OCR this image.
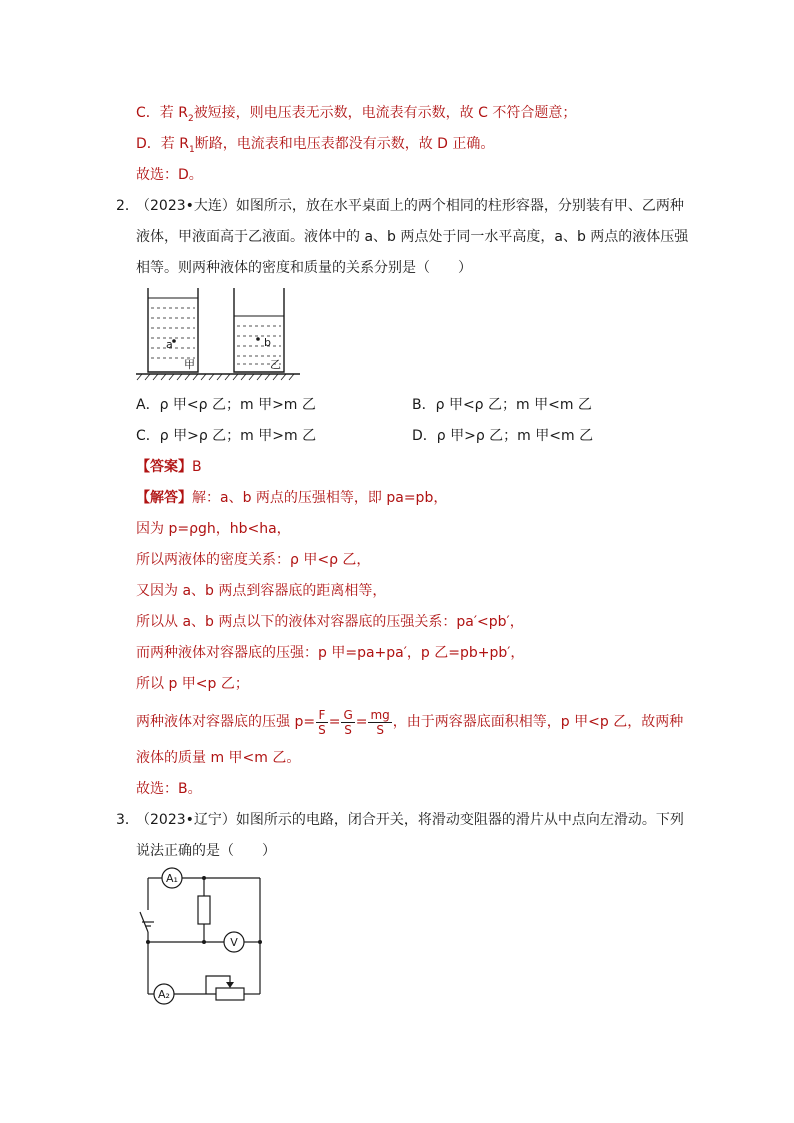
C．若 $R_2$被短接，则电压表无示数，电流表有示数，故 C 不符合题意；
D．若 $R_1$断路，电流表和电压表都没有示数，故 D 正确。
故选：D。
2．
（2023•大连）如图所示，放在水平桌面上的两个相同的柱形容器，分别装有甲、乙两种
液体，甲液面高于乙液面。液体中的 a、b 两点处于同一水平高度，a、b 两点的液体压强
相等。则两种液体的密度和质量的关系分别是（　　）
a
甲
b
乙
A．ρ 甲<ρ 乙；m 甲>m 乙	B．ρ 甲<ρ 乙；m 甲<m 乙
C．ρ 甲>ρ 乙；m 甲>m 乙	D．ρ 甲>ρ 乙；m 甲<m 乙
【答案】B
【解答】解：a、b 两点的压强相等，即 pa=pb，
因为 p=ρgh，hb<ha，
所以两液体的密度关系：ρ 甲<ρ 乙，
又因为 a、b 两点到容器底的距离相等，
所以从 a、b 两点以下的液体对容器底的压强关系：pa′<pb′，
而两种液体对容器底的压强：p 甲=pa+pa′，p 乙=pb+pb′，
所以 p 甲<p 乙；
两种液体对容器底的压强 $p= \frac{F}{S} = \frac{G}{S} = \frac{mg}{S}$ ，由于两容器底面积相等，p 甲<p 乙，故两种
液体的质量 m 甲<m 乙。
故选：B。
3．
（2023•辽宁）如图所示的电路，闭合开关，将滑动变阻器的滑片从中点向左滑动。下列
说法正确的是（　　）
A₁
V
A₂
